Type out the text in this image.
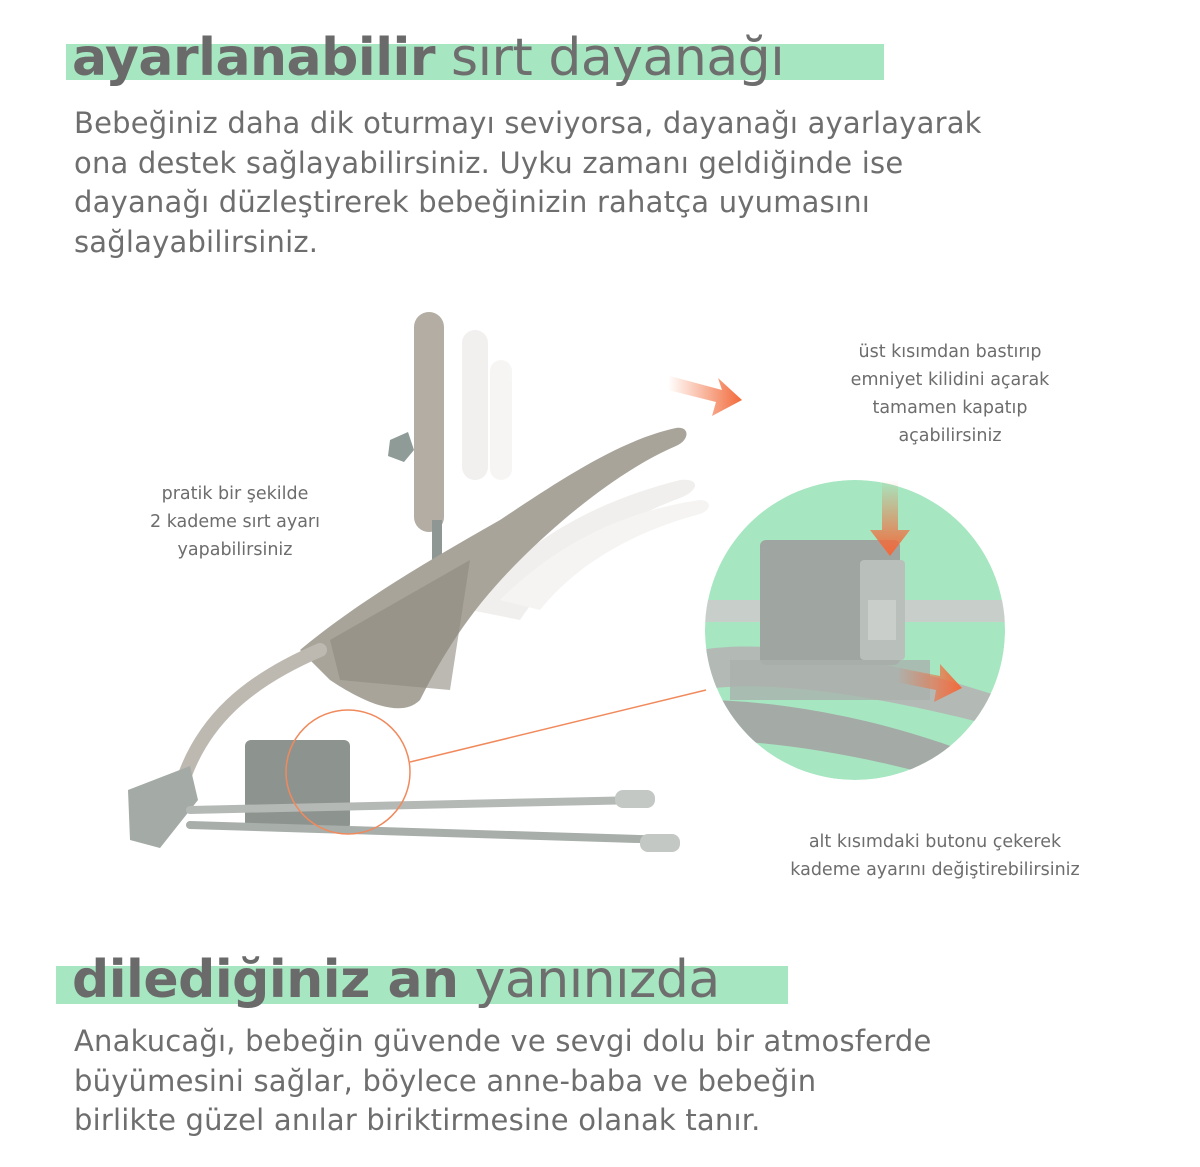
ayarlanabilir sırt dayanağı
Bebeğiniz daha dik oturmayı seviyorsa, dayanağı ayarlayarak
ona destek sağlayabilirsiniz. Uyku zamanı geldiğinde ise
dayanağı düzleştirerek bebeğinizin rahatça uyumasını
sağlayabilirsiniz.
pratik bir şekilde
2 kademe sırt ayarı
yapabilirsiniz
üst kısımdan bastırıp
emniyet kilidini açarak
tamamen kapatıp
açabilirsiniz
alt kısımdaki butonu çekerek
kademe ayarını değiştirebilirsiniz
dilediğiniz an yanınızda
Anakucağı, bebeğin güvende ve sevgi dolu bir atmosferde
büyümesini sağlar, böylece anne-baba ve bebeğin
birlikte güzel anılar biriktirmesine olanak tanır.
